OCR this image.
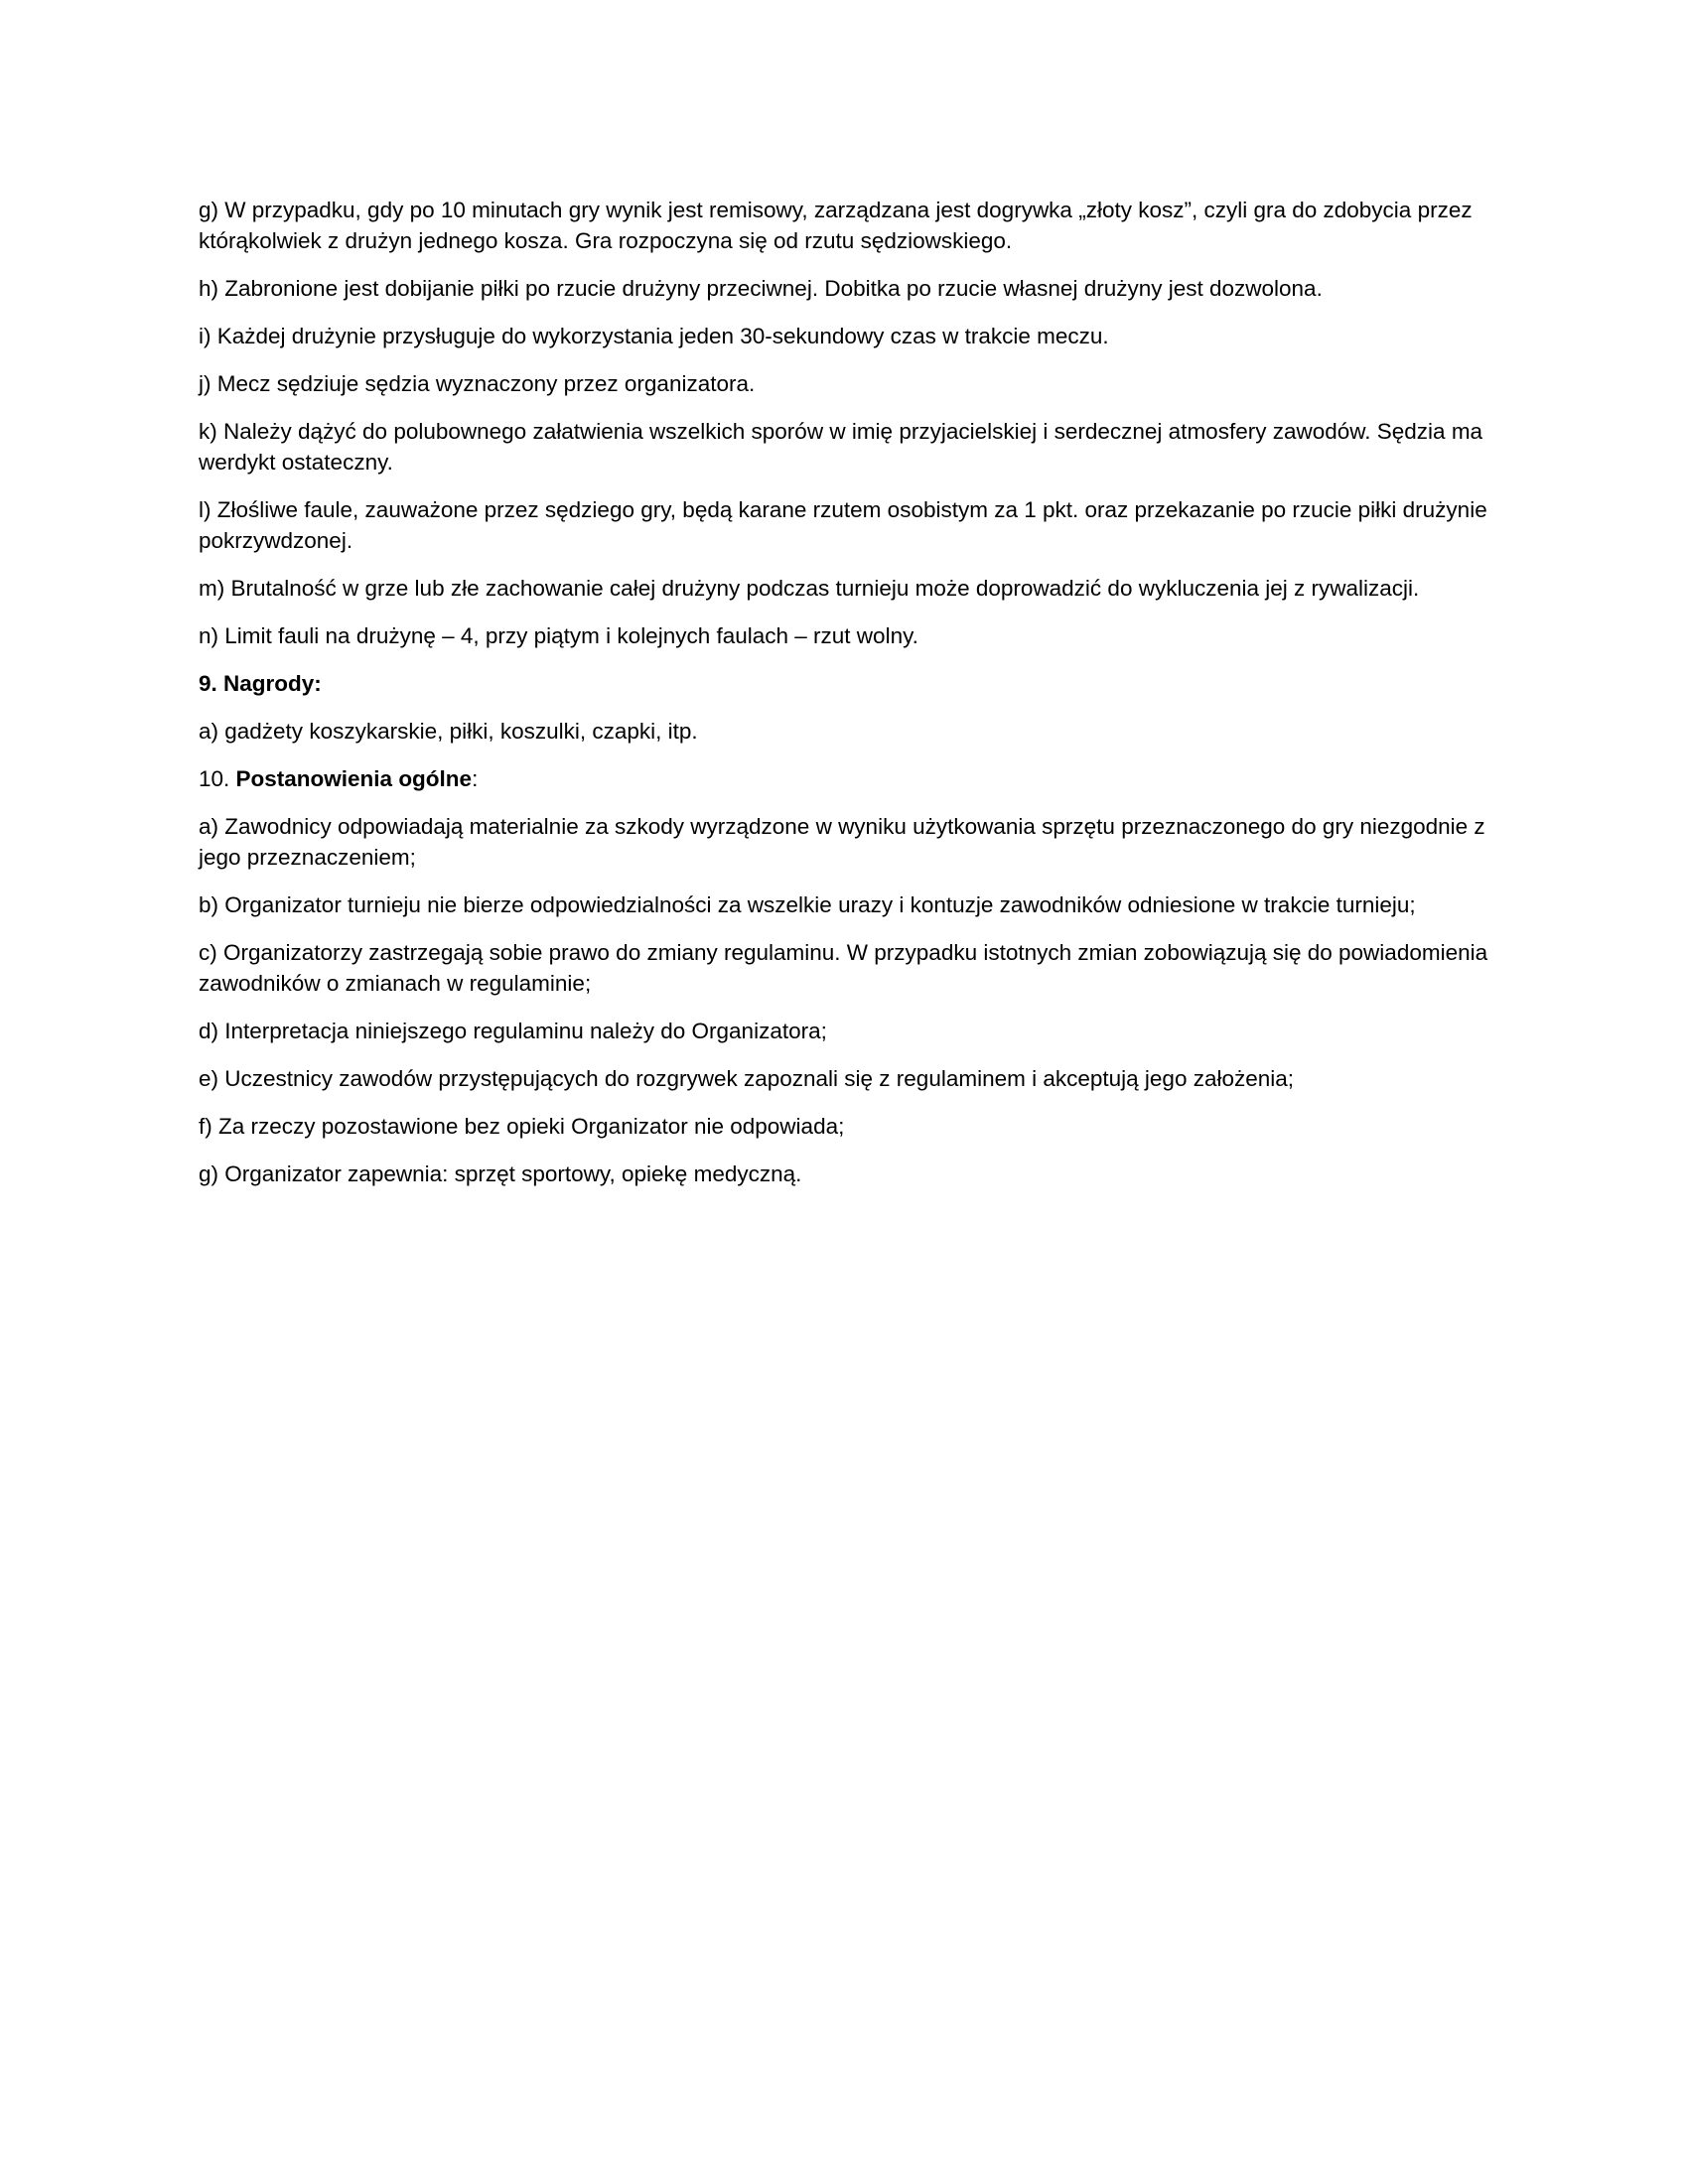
g) W przypadku, gdy po 10 minutach gry wynik jest remisowy, zarządzana jest dogrywka „złoty kosz”, czyli gra do zdobycia przez którąkolwiek z drużyn jednego kosza. Gra rozpoczyna się od rzutu sędziowskiego.

h) Zabronione jest dobijanie piłki po rzucie drużyny przeciwnej. Dobitka po rzucie własnej drużyny jest dozwolona.

i) Każdej drużynie przysługuje do wykorzystania jeden 30-sekundowy czas w trakcie meczu.

j) Mecz sędziuje sędzia wyznaczony przez organizatora.

k) Należy dążyć do polubownego załatwienia wszelkich sporów w imię przyjacielskiej i serdecznej atmosfery zawodów. Sędzia ma werdykt ostateczny.

l) Złośliwe faule, zauważone przez sędziego gry, będą karane rzutem osobistym za 1 pkt. oraz przekazanie po rzucie piłki drużynie pokrzywdzonej.

m) Brutalność w grze lub złe zachowanie całej drużyny podczas turnieju może doprowadzić do wykluczenia jej z rywalizacji.

n) Limit fauli na drużynę – 4, przy piątym i kolejnych faulach – rzut wolny.

9. Nagrody:

a) gadżety koszykarskie, piłki, koszulki, czapki, itp.

10. Postanowienia ogólne:

a) Zawodnicy odpowiadają materialnie za szkody wyrządzone w wyniku użytkowania sprzętu przeznaczonego do gry niezgodnie z jego przeznaczeniem;

b) Organizator turnieju nie bierze odpowiedzialności za wszelkie urazy i kontuzje zawodników odniesione w trakcie turnieju;

c) Organizatorzy zastrzegają sobie prawo do zmiany regulaminu. W przypadku istotnych zmian zobowiązują się do powiadomienia zawodników o zmianach w regulaminie;

d) Interpretacja niniejszego regulaminu należy do Organizatora;

e) Uczestnicy zawodów przystępujących do rozgrywek zapoznali się z regulaminem i akceptują jego założenia;

f) Za rzeczy pozostawione bez opieki Organizator nie odpowiada;

g) Organizator zapewnia: sprzęt sportowy, opiekę medyczną.
